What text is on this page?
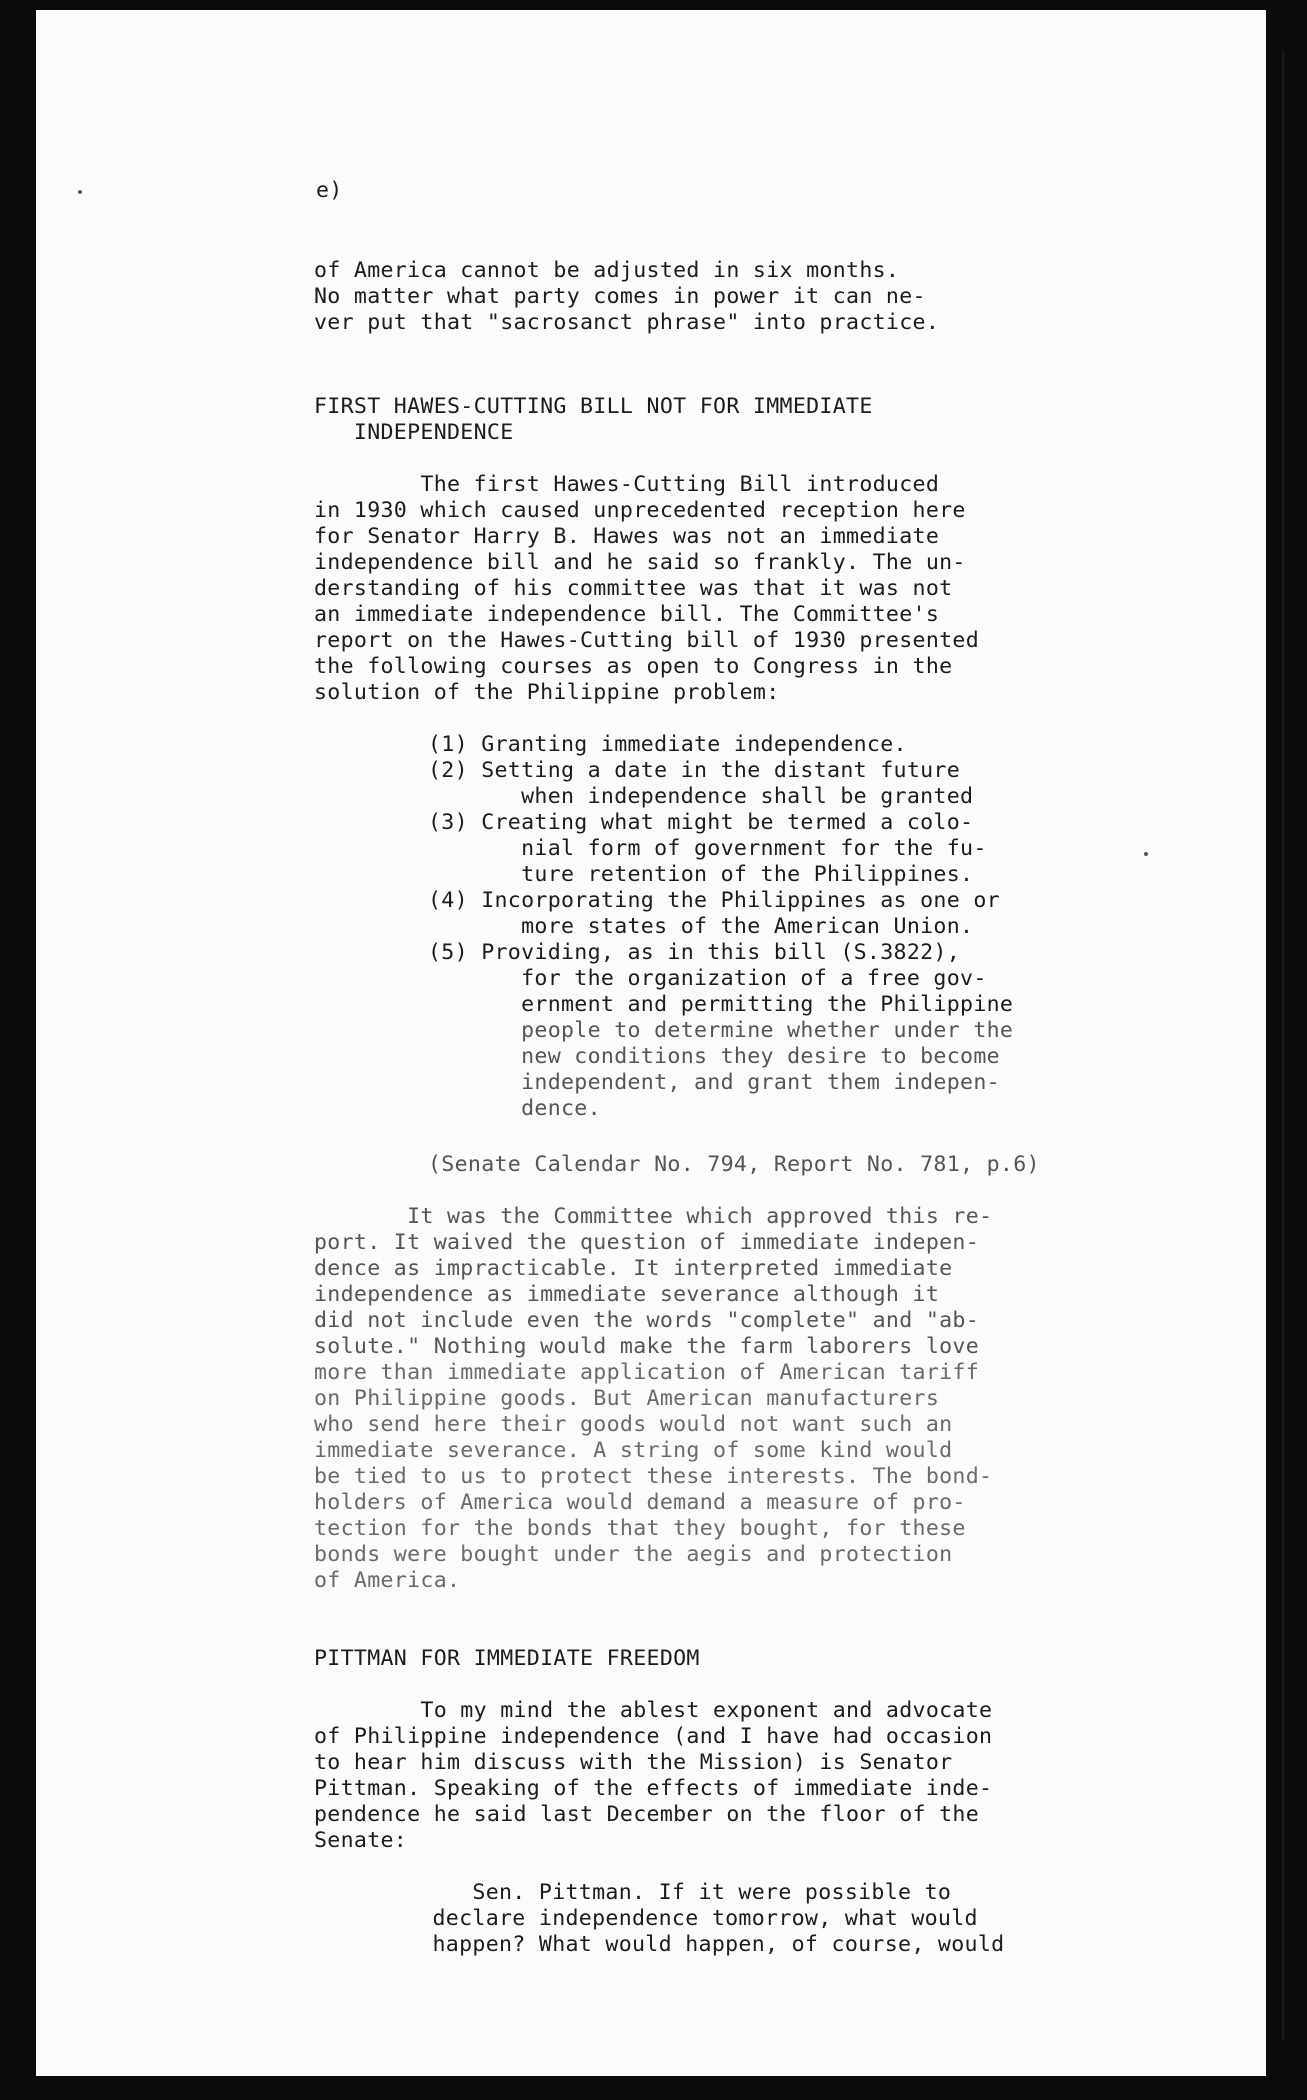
e)

of America cannot be adjusted in six months.

No matter what party comes in power it can ne-

ver put that "sacrosanct phrase" into practice.

FIRST HAWES-CUTTING BILL NOT FOR IMMEDIATE

INDEPENDENCE

The first Hawes-Cutting Bill introduced

in 1930 which caused unprecedented reception here

for Senator Harry B. Hawes was not an immediate

independence bill and he said so frankly. The un-

derstanding of his committee was that it was not

an immediate independence bill. The Committee's

report on the Hawes-Cutting bill of 1930 presented

the following courses as open to Congress in the

solution of the Philippine problem:

(1) Granting immediate independence.

(2) Setting a date in the distant future

when independence shall be granted

(3) Creating what might be termed a colo-

nial form of government for the fu-

ture retention of the Philippines.

(4) Incorporating the Philippines as one or

more states of the American Union.

(5) Providing, as in this bill (S.3822),

for the organization of a free gov-

ernment and permitting the Philippine

people to determine whether under the

new conditions they desire to become

independent, and grant them indepen-

dence.

(Senate Calendar No. 794, Report No. 781, p.6)

It was the Committee which approved this re-

port. It waived the question of immediate indepen-

dence as impracticable. It interpreted immediate

independence as immediate severance although it

did not include even the words "complete" and "ab-

solute." Nothing would make the farm laborers love

more than immediate application of American tariff

on Philippine goods. But American manufacturers

who send here their goods would not want such an

immediate severance. A string of some kind would

be tied to us to protect these interests. The bond-

holders of America would demand a measure of pro-

tection for the bonds that they bought, for these

bonds were bought under the aegis and protection

of America.

PITTMAN FOR IMMEDIATE FREEDOM

To my mind the ablest exponent and advocate

of Philippine independence (and I have had occasion

to hear him discuss with the Mission) is Senator

Pittman. Speaking of the effects of immediate inde-

pendence he said last December on the floor of the

Senate:

Sen. Pittman. If it were possible to

declare independence tomorrow, what would

happen? What would happen, of course, would
